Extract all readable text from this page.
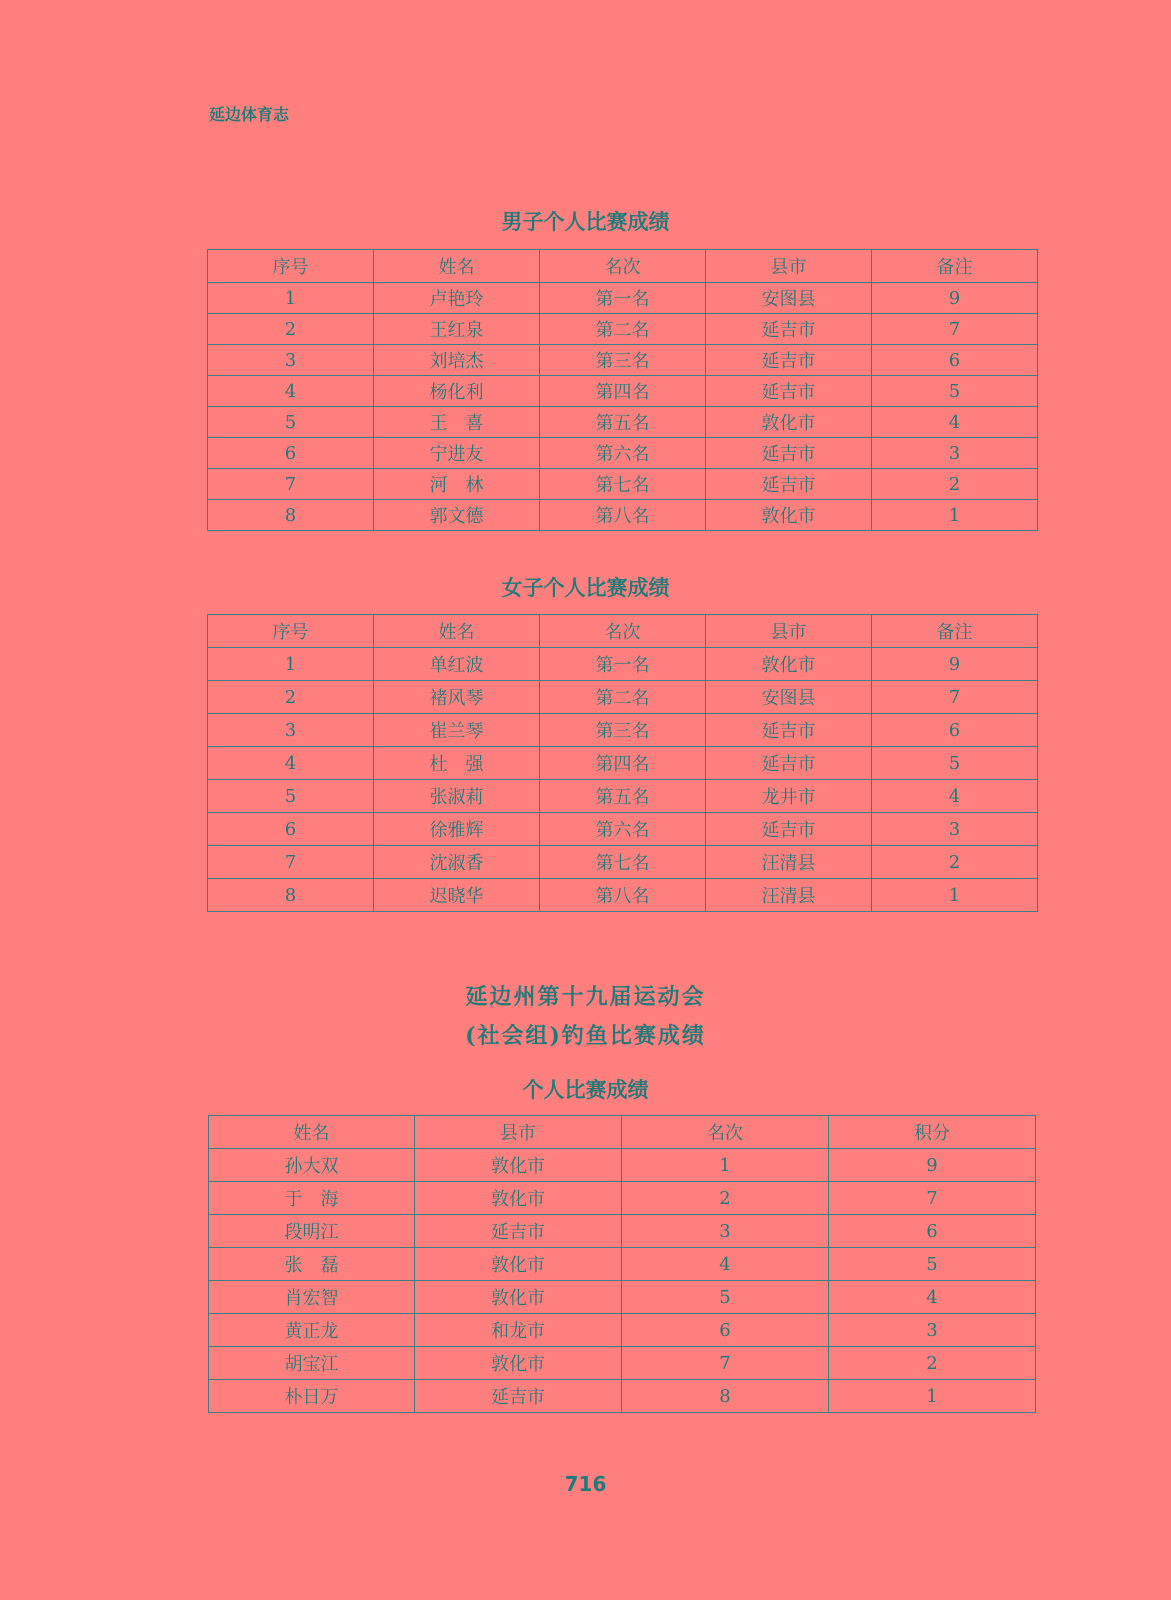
延边体育志
男子个人比赛成绩
序号	姓名	名次	县市	备注
1	卢艳玲	第一名	安图县	9
2	王红泉	第二名	延吉市	7
3	刘培杰	第三名	延吉市	6
4	杨化利	第四名	延吉市	5
5	王　喜	第五名	敦化市	4
6	宁进友	第六名	延吉市	3
7	河　林	第七名	延吉市	2
8	郭文德	第八名	敦化市	1
女子个人比赛成绩
序号	姓名	名次	县市	备注
1	单红波	第一名	敦化市	9
2	褚风琴	第二名	安图县	7
3	崔兰琴	第三名	延吉市	6
4	杜　强	第四名	延吉市	5
5	张淑莉	第五名	龙井市	4
6	徐雅辉	第六名	延吉市	3
7	沈淑香	第七名	汪清县	2
8	迟晓华	第八名	汪清县	1
延边州第十九届运动会
(社会组)钓鱼比赛成绩
个人比赛成绩
姓名	县市	名次	积分
孙大双	敦化市	1	9
于　海	敦化市	2	7
段明江	延吉市	3	6
张　磊	敦化市	4	5
肖宏智	敦化市	5	4
黄正龙	和龙市	6	3
胡宝江	敦化市	7	2
朴日万	延吉市	8	1
716
